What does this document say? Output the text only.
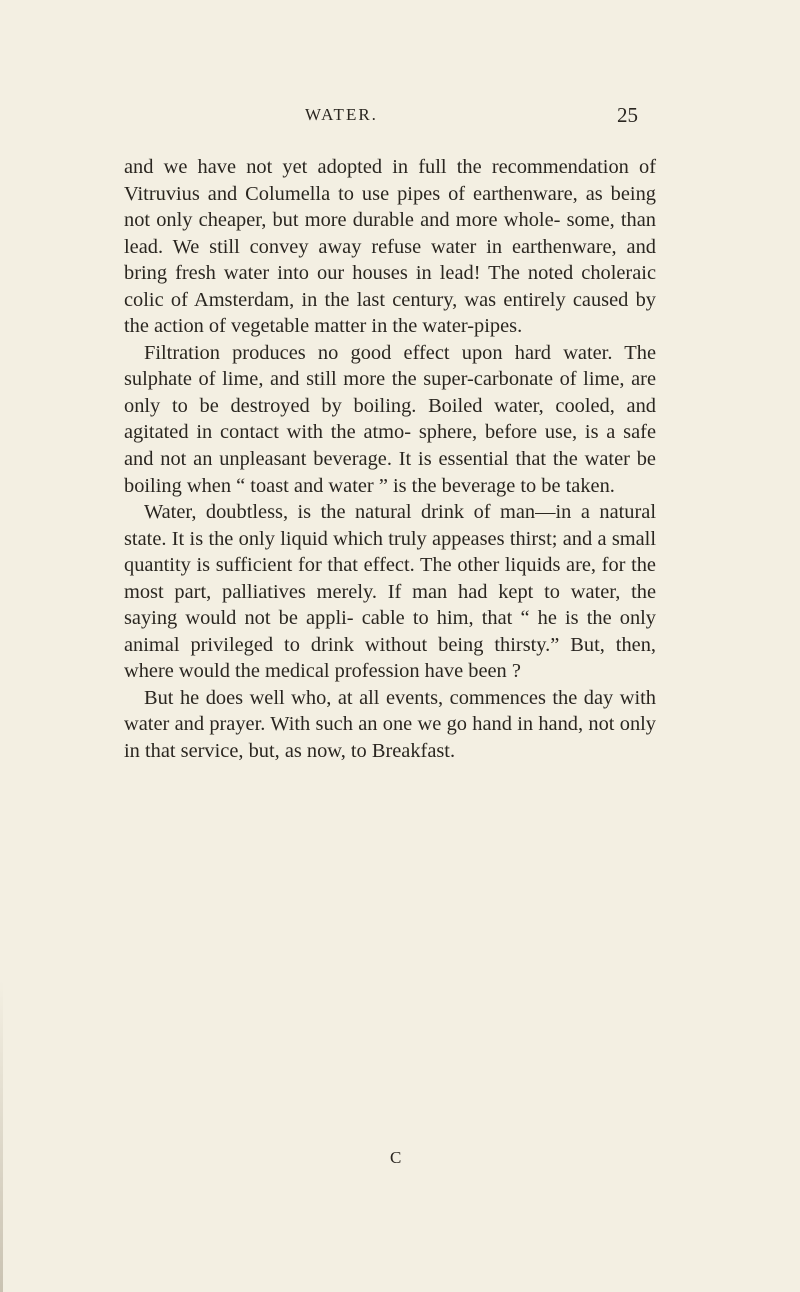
WATER.	25

and we have not yet adopted in full the recommendation of Vitruvius and Columella to use pipes of earthenware, as being not only cheaper, but more durable and more whole- some, than lead. We still convey away refuse water in earthenware, and bring fresh water into our houses in lead! The noted choleraic colic of Amsterdam, in the last century, was entirely caused by the action of vegetable matter in the water-pipes.

Filtration produces no good effect upon hard water. The sulphate of lime, and still more the super-carbonate of lime, are only to be destroyed by boiling. Boiled water, cooled, and agitated in contact with the atmo- sphere, before use, is a safe and not an unpleasant beverage. It is essential that the water be boiling when “ toast and water ” is the beverage to be taken.

Water, doubtless, is the natural drink of man—in a natural state. It is the only liquid which truly appeases thirst; and a small quantity is sufficient for that effect. The other liquids are, for the most part, palliatives merely. If man had kept to water, the saying would not be appli- cable to him, that “ he is the only animal privileged to drink without being thirsty.” But, then, where would the medical profession have been ?

But he does well who, at all events, commences the day with water and prayer. With such an one we go hand in hand, not only in that service, but, as now, to Breakfast.

C
